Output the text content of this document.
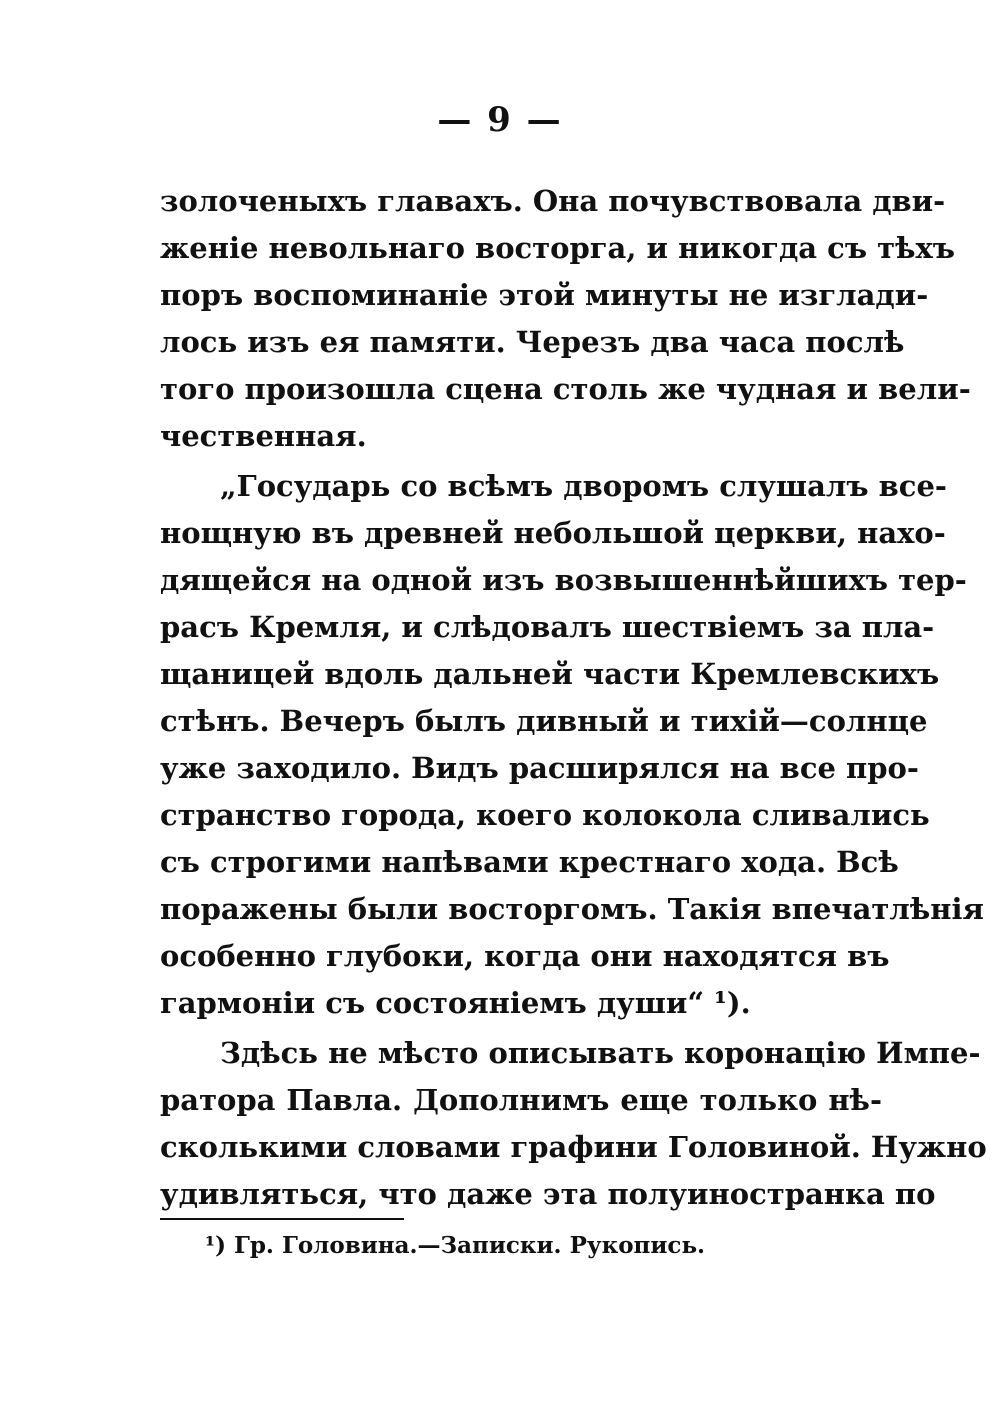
— 9 —
золоченыхъ главахъ. Она почувствовала дви-
женіе невольнаго восторга, и никогда съ тѣхъ
поръ воспоминаніе этой минуты не изглади-
лось изъ ея памяти. Черезъ два часа послѣ
того произошла сцена столь же чудная и вели-
чественная.
„Государь со всѣмъ дворомъ слушалъ все-
нощную въ древней небольшой церкви, нахо-
дящейся на одной изъ возвышеннѣйшихъ тер-
расъ Кремля, и слѣдовалъ шествіемъ за пла-
щаницей вдоль дальней части Кремлевскихъ
стѣнъ. Вечеръ былъ дивный и тихій—солнце
уже заходило. Видъ расширялся на все про-
странство города, коего колокола сливались
съ строгими напѣвами крестнаго хода. Всѣ
поражены были восторгомъ. Такія впечатлѣнія
особенно глубоки, когда они находятся въ
гармоніи съ состояніемъ души“ ¹).
Здѣсь не мѣсто описывать коронацію Импе-
ратора Павла. Дополнимъ еще только нѣ-
сколькими словами графини Головиной. Нужно
удивляться, что даже эта полуиностранка по
¹) Гр. Головина.—Записки. Рукопись.
